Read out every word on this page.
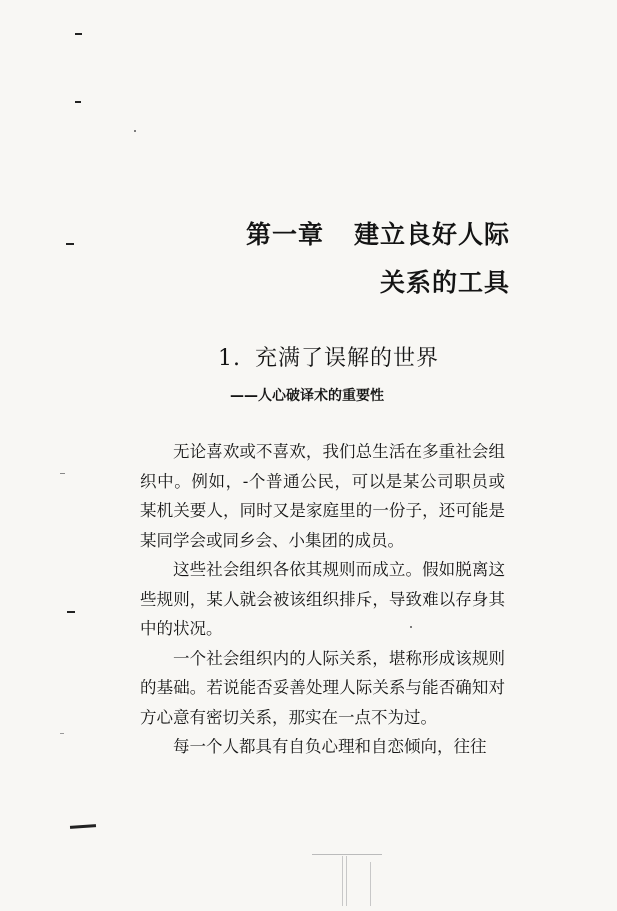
第一章 建立良好人际
关系的工具
1. 充满了误解的世界
——人心破译术的重要性

无论喜欢或不喜欢，我们总生活在多重社会组织中。例如，-个普通公民，可以是某公司职员或某机关要人，同时又是家庭里的一份子，还可能是某同学会或同乡会、小集团的成员。

这些社会组织各依其规则而成立。假如脱离这些规则，某人就会被该组织排斥，导致难以存身其中的状况。

一个社会组织内的人际关系，堪称形成该规则的基础。若说能否妥善处理人际关系与能否确知对方心意有密切关系，那实在一点不为过。

每一个人都具有自负心理和自恋倾向，往往
